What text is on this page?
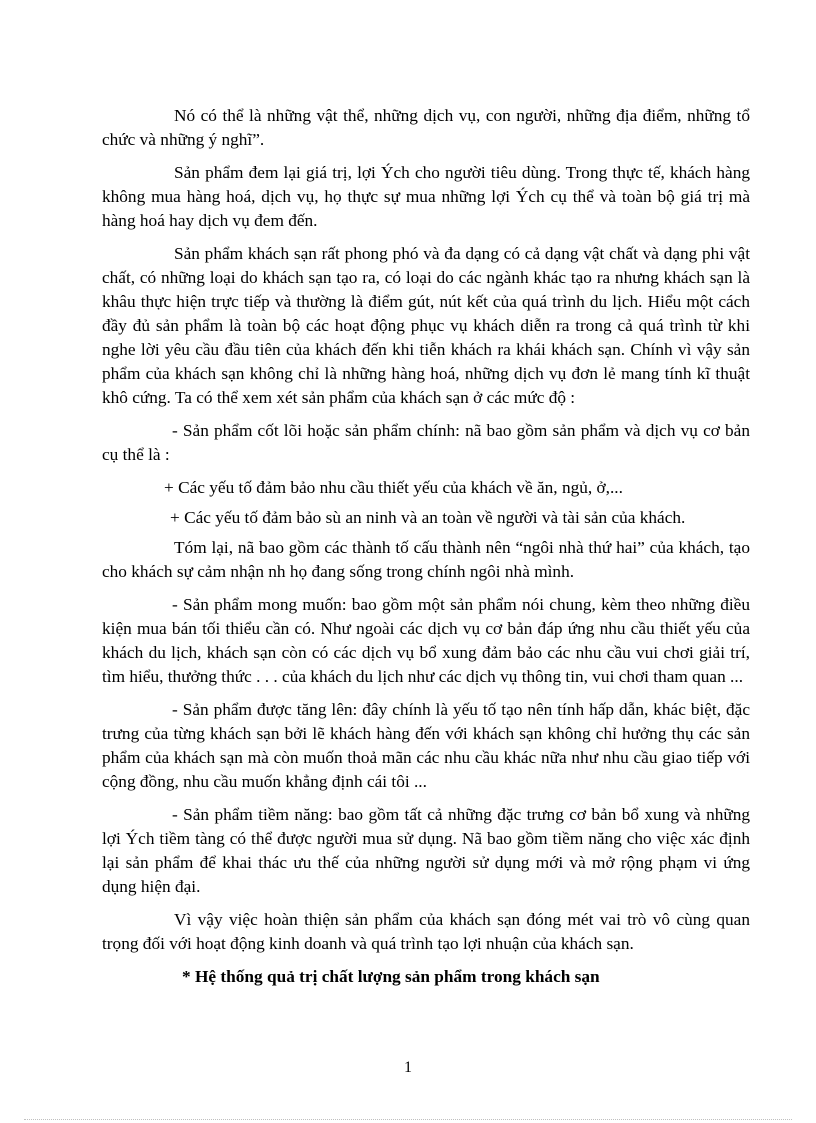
Nó có thể là những vật thể, những dịch vụ, con người, những địa điểm, những tổ chức và những ý nghĩ”.

Sản phẩm đem lại giá trị, lợi Ých cho người tiêu dùng. Trong thực tế, khách hàng không mua hàng hoá, dịch vụ, họ thực sự mua những lợi Ých cụ thể và toàn bộ giá trị mà hàng hoá hay dịch vụ đem đến.

Sản phẩm khách sạn rất phong phó và đa dạng có cả dạng vật chất và dạng phi vật chất, có những loại do khách sạn tạo ra, có loại do các ngành khác tạo ra nhưng khách sạn là khâu thực hiện trực tiếp và thường là điểm gút, nút kết của quá trình du lịch. Hiểu một cách đầy đủ sản phẩm là toàn bộ các hoạt động phục vụ khách diễn ra trong cả quá trình từ khi nghe lời yêu cầu đầu tiên của khách đến khi tiễn khách ra khái khách sạn. Chính vì vậy sản phẩm của khách sạn không chỉ là những hàng hoá, những dịch vụ đơn lẻ mang tính kĩ thuật khô cứng. Ta có thể xem xét sản phẩm của khách sạn ở các mức độ :

- Sản phẩm cốt lõi hoặc sản phẩm chính: nã bao gồm sản phẩm và dịch vụ cơ bản cụ thể là :

+ Các yếu tố đảm bảo nhu cầu thiết yếu của khách về ăn, ngủ, ở,...

+ Các yếu tố đảm bảo sù an ninh và an toàn về người và tài sản của khách.

Tóm lại, nã bao gồm các thành tố cấu thành nên “ngôi nhà thứ hai” của khách, tạo cho khách sự cảm nhận nh họ đang sống trong chính ngôi nhà mình.

- Sản phẩm mong muốn: bao gồm một sản phẩm nói chung, kèm theo những điều kiện mua bán tối thiểu cần có. Như ngoài các dịch vụ cơ bản đáp ứng nhu cầu thiết yếu của khách du lịch, khách sạn còn có các dịch vụ bổ xung đảm bảo các nhu cầu vui chơi giải trí, tìm hiểu, thưởng thức . . . của khách du lịch như các dịch vụ thông tin, vui chơi tham quan ...

- Sản phẩm được tăng lên: đây chính là yếu tố tạo nên tính hấp dẫn, khác biệt, đặc trưng của từng khách sạn bởi lẽ khách hàng đến với khách sạn không chỉ hưởng thụ các sản phẩm của khách sạn mà còn muốn thoả mãn các nhu cầu khác nữa như nhu cầu giao tiếp với cộng đồng, nhu cầu muốn khẳng định cái tôi ...

- Sản phẩm tiềm năng: bao gồm tất cả những đặc trưng cơ bản bổ xung và những lợi Ých tiềm tàng có thể được người mua sử dụng. Nã bao gồm tiềm năng cho việc xác định lại sản phẩm để khai thác ưu thế của những người sử dụng mới và mở rộng phạm vi ứng dụng hiện đại.

Vì vậy việc hoàn thiện sản phẩm của khách sạn đóng mét vai trò vô cùng quan trọng đối với hoạt động kinh doanh và quá trình tạo lợi nhuận của khách sạn.

* Hệ thống quả trị chất lượng sản phẩm trong khách sạn

1
